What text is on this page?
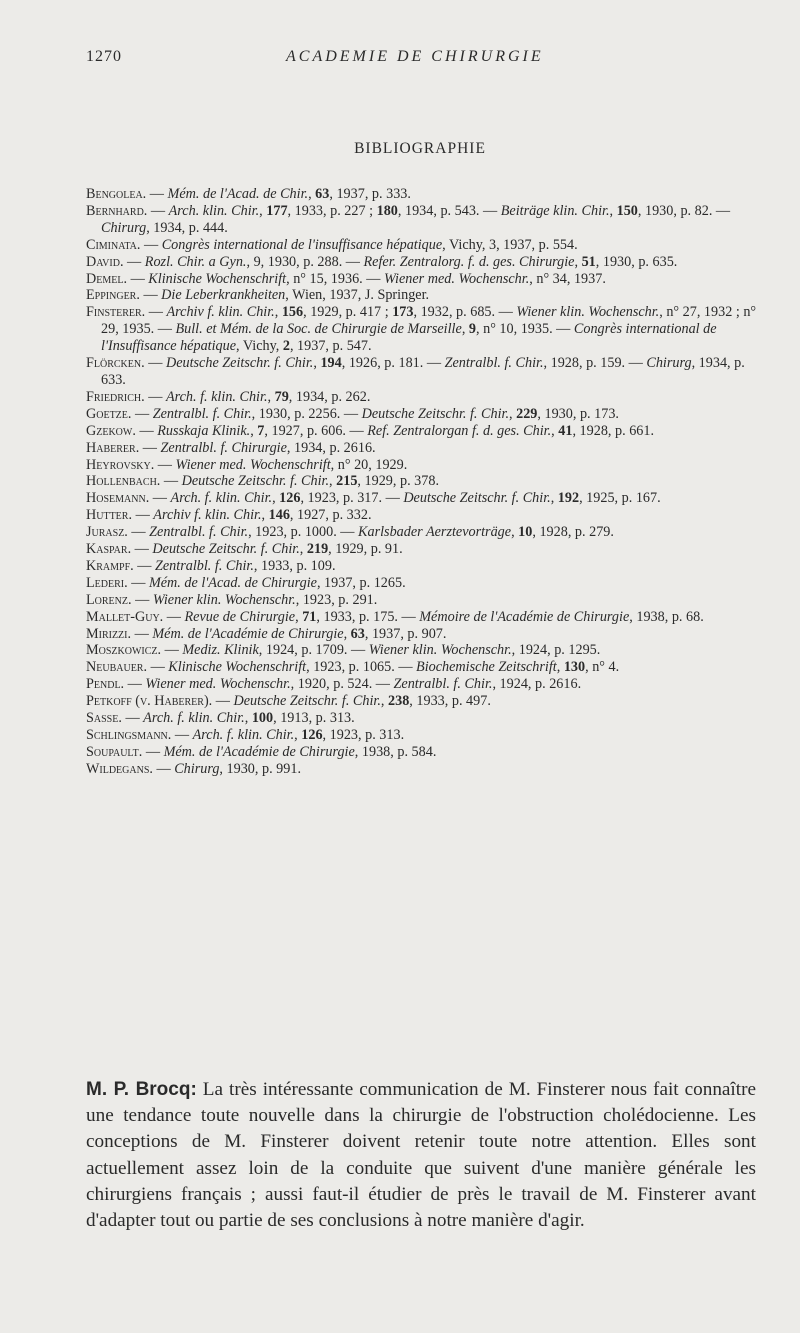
1270	ACADEMIE DE CHIRURGIE
BIBLIOGRAPHIE

Bengolea. — Mém. de l'Acad. de Chir., 63, 1937, p. 333.

Bernhard. — Arch. klin. Chir., 177, 1933, p. 227 ; 180, 1934, p. 543. — Beiträge klin. Chir., 150, 1930, p. 82. — Chirurg, 1934, p. 444.

Ciminata. — Congrès international de l'insuffisance hépatique, Vichy, 3, 1937, p. 554.

David. — Rozl. Chir. a Gyn., 9, 1930, p. 288. — Refer. Zentralorg. f. d. ges. Chirurgie, 51, 1930, p. 635.

Demel. — Klinische Wochenschrift, n° 15, 1936. — Wiener med. Wochenschr., n° 34, 1937.

Eppinger. — Die Leberkrankheiten, Wien, 1937, J. Springer.

Finsterer. — Archiv f. klin. Chir., 156, 1929, p. 417 ; 173, 1932, p. 685. — Wiener klin. Wochenschr., n° 27, 1932 ; n° 29, 1935. — Bull. et Mém. de la Soc. de Chirurgie de Marseille, 9, n° 10, 1935. — Congrès international de l'Insuffisance hépatique, Vichy, 2, 1937, p. 547.

Flörcken. — Deutsche Zeitschr. f. Chir., 194, 1926, p. 181. — Zentralbl. f. Chir., 1928, p. 159. — Chirurg, 1934, p. 633.

Friedrich. — Arch. f. klin. Chir., 79, 1934, p. 262.

Goetze. — Zentralbl. f. Chir., 1930, p. 2256. — Deutsche Zeitschr. f. Chir., 229, 1930, p. 173.

Gzekow. — Russkaja Klinik., 7, 1927, p. 606. — Ref. Zentralorgan f. d. ges. Chir., 41, 1928, p. 661.

Haberer. — Zentralbl. f. Chirurgie, 1934, p. 2616.

Heyrovsky. — Wiener med. Wochenschrift, n° 20, 1929.

Hollenbach. — Deutsche Zeitschr. f. Chir., 215, 1929, p. 378.

Hosemann. — Arch. f. klin. Chir., 126, 1923, p. 317. — Deutsche Zeitschr. f. Chir., 192, 1925, p. 167.

Hutter. — Archiv f. klin. Chir., 146, 1927, p. 332.

Jurasz. — Zentralbl. f. Chir., 1923, p. 1000. — Karlsbader Aerztevorträge, 10, 1928, p. 279.

Kaspar. — Deutsche Zeitschr. f. Chir., 219, 1929, p. 91.

Krampf. — Zentralbl. f. Chir., 1933, p. 109.

Lederi. — Mém. de l'Acad. de Chirurgie, 1937, p. 1265.

Lorenz. — Wiener klin. Wochenschr., 1923, p. 291.

Mallet-Guy. — Revue de Chirurgie, 71, 1933, p. 175. — Mémoire de l'Académie de Chirurgie, 1938, p. 68.

Mirizzi. — Mém. de l'Académie de Chirurgie, 63, 1937, p. 907.

Moszkowicz. — Mediz. Klinik, 1924, p. 1709. — Wiener klin. Wochenschr., 1924, p. 1295.

Neubauer. — Klinische Wochenschrift, 1923, p. 1065. — Biochemische Zeitschrift, 130, n° 4.

Pendl. — Wiener med. Wochenschr., 1920, p. 524. — Zentralbl. f. Chir., 1924, p. 2616.

Petkoff (v. Haberer). — Deutsche Zeitschr. f. Chir., 238, 1933, p. 497.

Sasse. — Arch. f. klin. Chir., 100, 1913, p. 313.

Schlingsmann. — Arch. f. klin. Chir., 126, 1923, p. 313.

Soupault. — Mém. de l'Académie de Chirurgie, 1938, p. 584.

Wildegans. — Chirurg, 1930, p. 991.

M. P. Brocq: La très intéressante communication de M. Finsterer nous fait connaître une tendance toute nouvelle dans la chirurgie de l'obstruction cholédocienne. Les conceptions de M. Finsterer doivent retenir toute notre attention. Elles sont actuellement assez loin de la conduite que suivent d'une manière générale les chirurgiens français ; aussi faut-il étudier de près le travail de M. Finsterer avant d'adapter tout ou partie de ses conclusions à notre manière d'agir.
